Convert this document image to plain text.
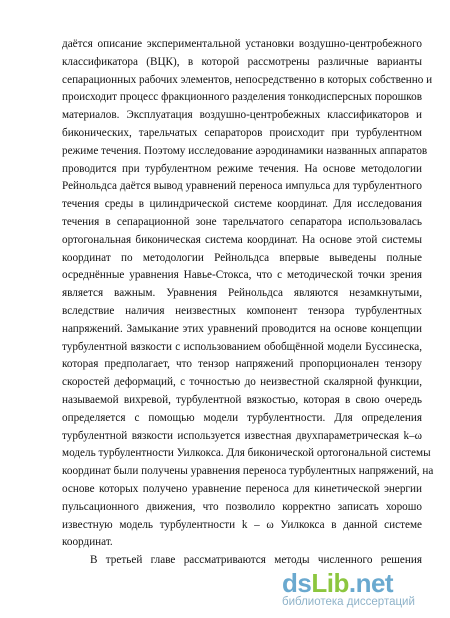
даётся описание экспериментальной установки воздушно-центробежного
классификатора (ВЦК), в которой рассмотрены различные варианты
сепарационных рабочих элементов, непосредственно в которых собственно и
происходит процесс фракционного разделения тонкодисперсных порошков
материалов. Эксплуатация воздушно-центробежных классификаторов и
биконических, тарельчатых сепараторов происходит при турбулентном
режиме течения. Поэтому исследование аэродинамики названных аппаратов
проводится при турбулентном режиме течения. На основе методологии
Рейнольдса даётся вывод уравнений переноса импульса для турбулентного
течения среды в цилиндрической системе координат. Для исследования
течения в сепарационной зоне тарельчатого сепаратора использовалась
ортогональная биконическая система координат. На основе этой системы
координат по методологии Рейнольдса впервые выведены полные
осреднённые уравнения Навье-Стокса, что с методической точки зрения
является важным. Уравнения Рейнольдса являются незамкнутыми,
вследствие наличия неизвестных компонент тензора турбулентных
напряжений. Замыкание этих уравнений проводится на основе концепции
турбулентной вязкости с использованием обобщённой модели Буссинеска,
которая предполагает, что тензор напряжений пропорционален тензору
скоростей деформаций, с точностью до неизвестной скалярной функции,
называемой вихревой, турбулентной вязкостью, которая в свою очередь
определяется с помощью модели турбулентности. Для определения
турбулентной вязкости используется известная двухпараметрическая k–ω
модель турбулентности Уилкокса. Для биконической ортогональной системы
координат были получены уравнения переноса турбулентных напряжений, на
основе которых получено уравнение переноса для кинетической энергии
пульсационного движения, что позволило корректно записать хорошо
известную модель турбулентности k – ω Уилкокса в данной системе
координат.
В третьей главе рассматриваются методы численного решения
dsLib.net
библиотека диссертаций
